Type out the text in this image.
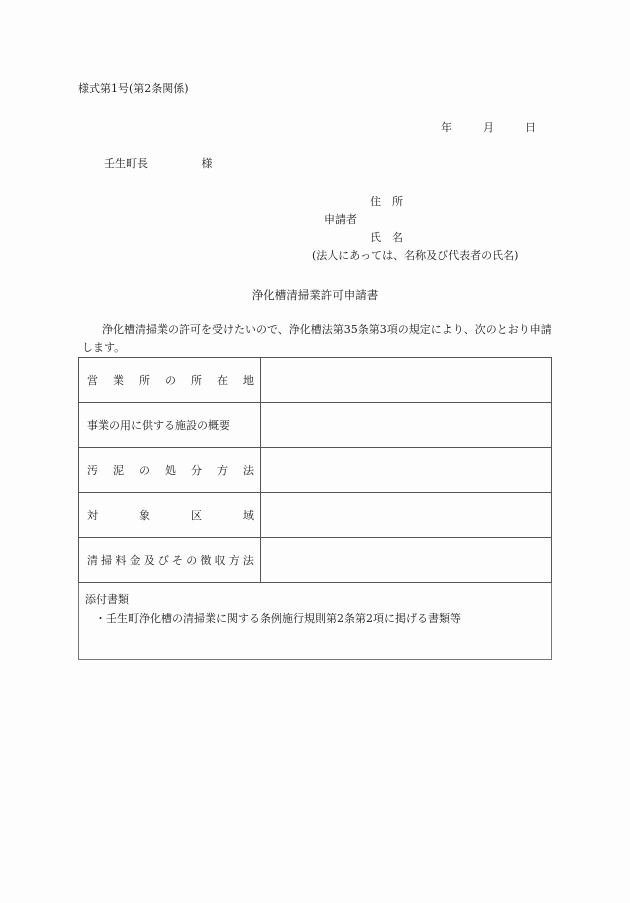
様式第1号(第2条関係)
年	月	日
壬生町長	様
住　所
申請者
氏　名
(法人にあっては、名称及び代表者の氏名)
浄化槽清掃業許可申請書
浄化槽清掃業の許可を受けたいので、浄化槽法第35条第3項の規定により、次のとおり申請します。
営 業 所 の 所 在 地

事業の用に供する施設の概要	

汚 泥 の 処 分 方 法

対 象 区 域	

清 掃 料 金 及 び そ の 徴 収 方 法

添付書類
・壬生町浄化槽の清掃業に関する条例施行規則第2条第2項に掲げる書類等	
